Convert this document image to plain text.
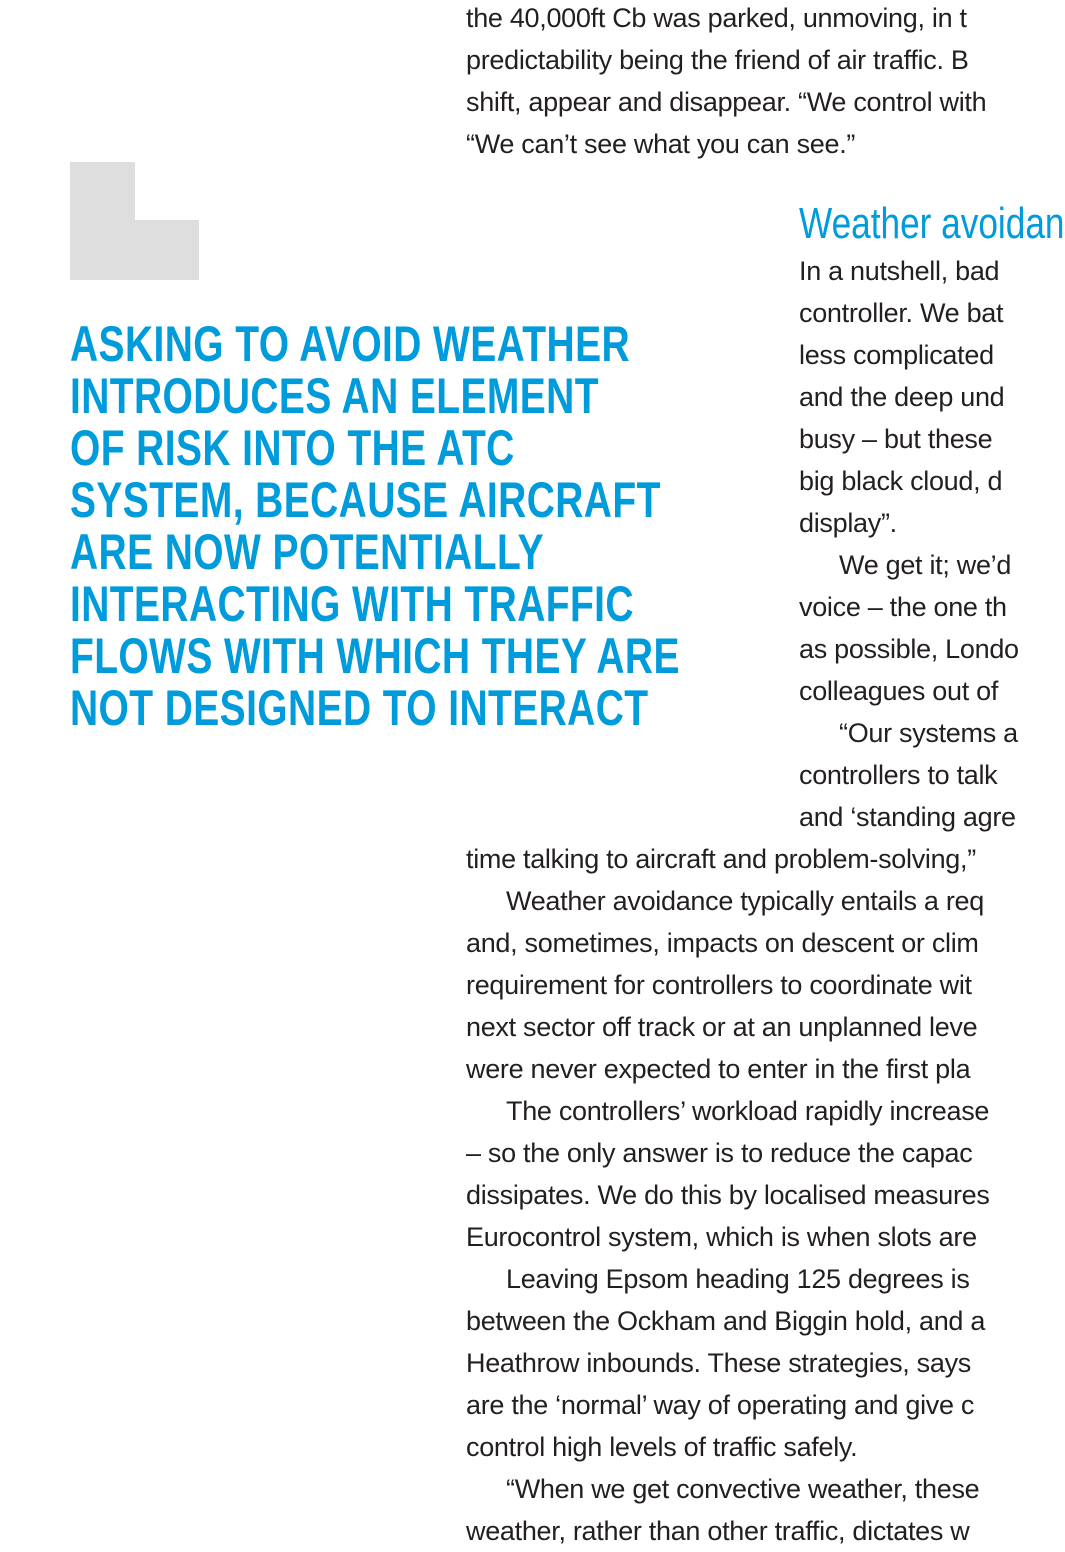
ASKING TO AVOID WEATHER
INTRODUCES AN ELEMENT
OF RISK INTO THE ATC
SYSTEM, BECAUSE AIRCRAFT
ARE NOW POTENTIALLY
INTERACTING WITH TRAFFIC
FLOWS WITH WHICH THEY ARE
NOT DESIGNED TO INTERACT
the 40,000ft Cb was parked, unmoving, in t
predictability being the friend of air traffic. B
shift, appear and disappear. “We control with
“We can’t see what you can see.”
Weather avoidan
In a nutshell, bad
controller. We bat
less complicated
and the deep und
busy – but these
big black cloud, d
display”.
We get it; we’d
voice – the one th
as possible, Londo
colleagues out of
“Our systems a
controllers to talk
and ‘standing agre
time talking to aircraft and problem-solving,”
Weather avoidance typically entails a req
and, sometimes, impacts on descent or clim
requirement for controllers to coordinate wit
next sector off track or at an unplanned leve
were never expected to enter in the first pla
The controllers’ workload rapidly increase
– so the only answer is to reduce the capac
dissipates. We do this by localised measures
Eurocontrol system, which is when slots are
Leaving Epsom heading 125 degrees is
between the Ockham and Biggin hold, and a
Heathrow inbounds. These strategies, says
are the ‘normal’ way of operating and give c
control high levels of traffic safely.
“When we get convective weather, these
weather, rather than other traffic, dictates w
